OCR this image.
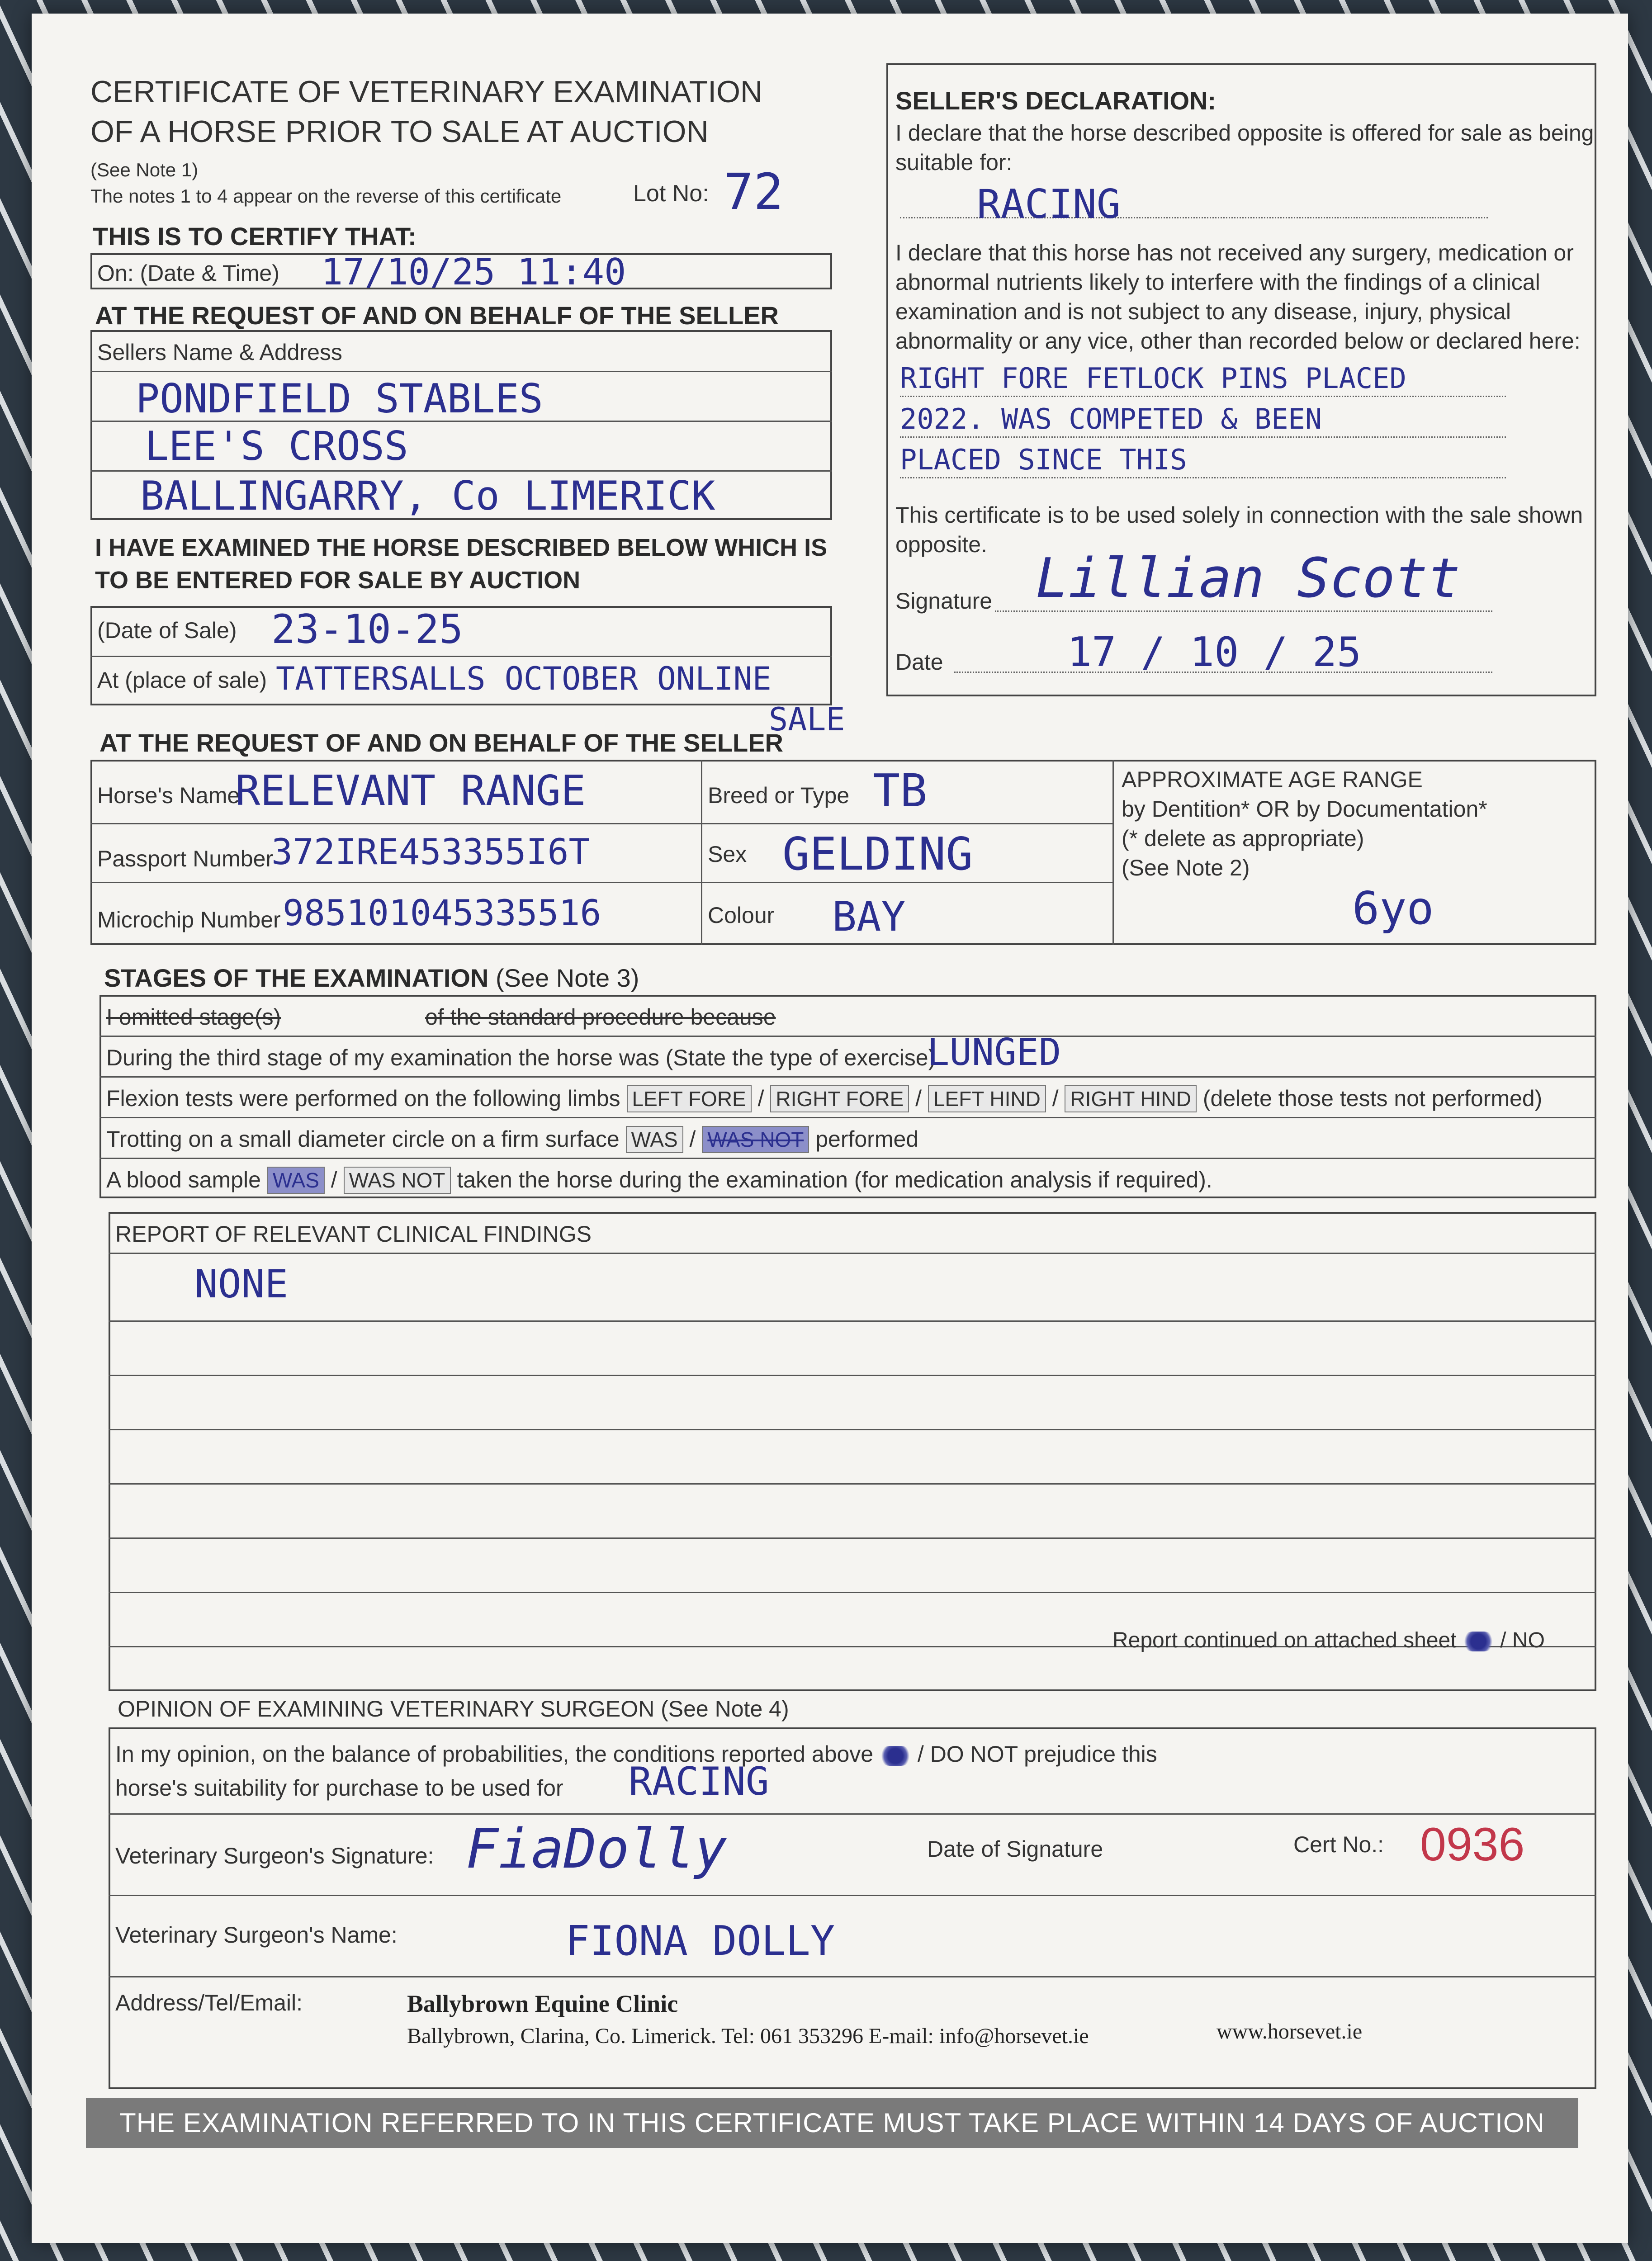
CERTIFICATE OF VETERINARY EXAMINATION
OF A HORSE PRIOR TO SALE AT AUCTION
(See Note 1)
The notes 1 to 4 appear on the reverse of this certificate	Lot No: 72
THIS IS TO CERTIFY THAT:
On: (Date & Time) 17/10/25 11:40
AT THE REQUEST OF AND ON BEHALF OF THE SELLER
Sellers Name & Address
PONDFIELD STABLES
LEE'S CROSS
BALLINGARRY, Co LIMERICK
I HAVE EXAMINED THE HORSE DESCRIBED BELOW WHICH IS
TO BE ENTERED FOR SALE BY AUCTION
(Date of Sale) 23-10-25
At (place of sale) TATTERSALLS OCTOBER ONLINE
SALE
AT THE REQUEST OF AND ON BEHALF OF THE SELLER
Horse's Name
RELEVANT RANGE
Passport Number
372IRE453355I6T
Microchip Number 985101045335516
Breed or Type TB
Sex GELDING
Colour BAY
APPROXIMATE AGE RANGE
by Dentition* OR by Documentation*
(* delete as appropriate)
(See Note 2)
6yo
STAGES OF THE EXAMINATION (See Note 3)
I omitted stage(s)	of the standard procedure because
During the third stage of my examination the horse was (State the type of exercise)
LUNGED
Flexion tests were performed on the following limbs LEFT FORE / RIGHT FORE / LEFT HIND / RIGHT HIND (delete those tests not performed)
Trotting on a small diameter circle on a firm surface WAS / WAS NOT performed
A blood sample WAS / WAS NOT taken the horse during the examination (for medication analysis if required).
REPORT OF RELEVANT CLINICAL FINDINGS
NONE
Report continued on attached sheet  / NO
OPINION OF EXAMINING VETERINARY SURGEON (See Note 4)
In my opinion, on the balance of probabilities, the conditions reported above  / DO NOT prejudice this
horse's suitability for purchase to be used for RACING
Veterinary Surgeon's Signature: FiaDolly	Date of Signature	Cert No.: 0936
Veterinary Surgeon's Name:	FIONA DOLLY
Address/Tel/Email:	Ballybrown Equine Clinic
Ballybrown, Clarina, Co. Limerick. Tel: 061 353296 E-mail: info@horsevet.ie	www.horsevet.ie
SELLER'S DECLARATION:
I declare that the horse described opposite is offered for sale as being
suitable for:
RACING
I declare that this horse has not received any surgery, medication or
abnormal nutrients likely to interfere with the findings of a clinical
examination and is not subject to any disease, injury, physical
abnormality or any vice, other than recorded below or declared here:
RIGHT FORE FETLOCK PINS PLACED
2022. WAS COMPETED & BEEN
PLACED SINCE THIS
This certificate is to be used solely in connection with the sale shown
opposite.
Signature Lillian Scott
Date	17 / 10 / 25
THE EXAMINATION REFERRED TO IN THIS CERTIFICATE MUST TAKE PLACE WITHIN 14 DAYS OF AUCTION
